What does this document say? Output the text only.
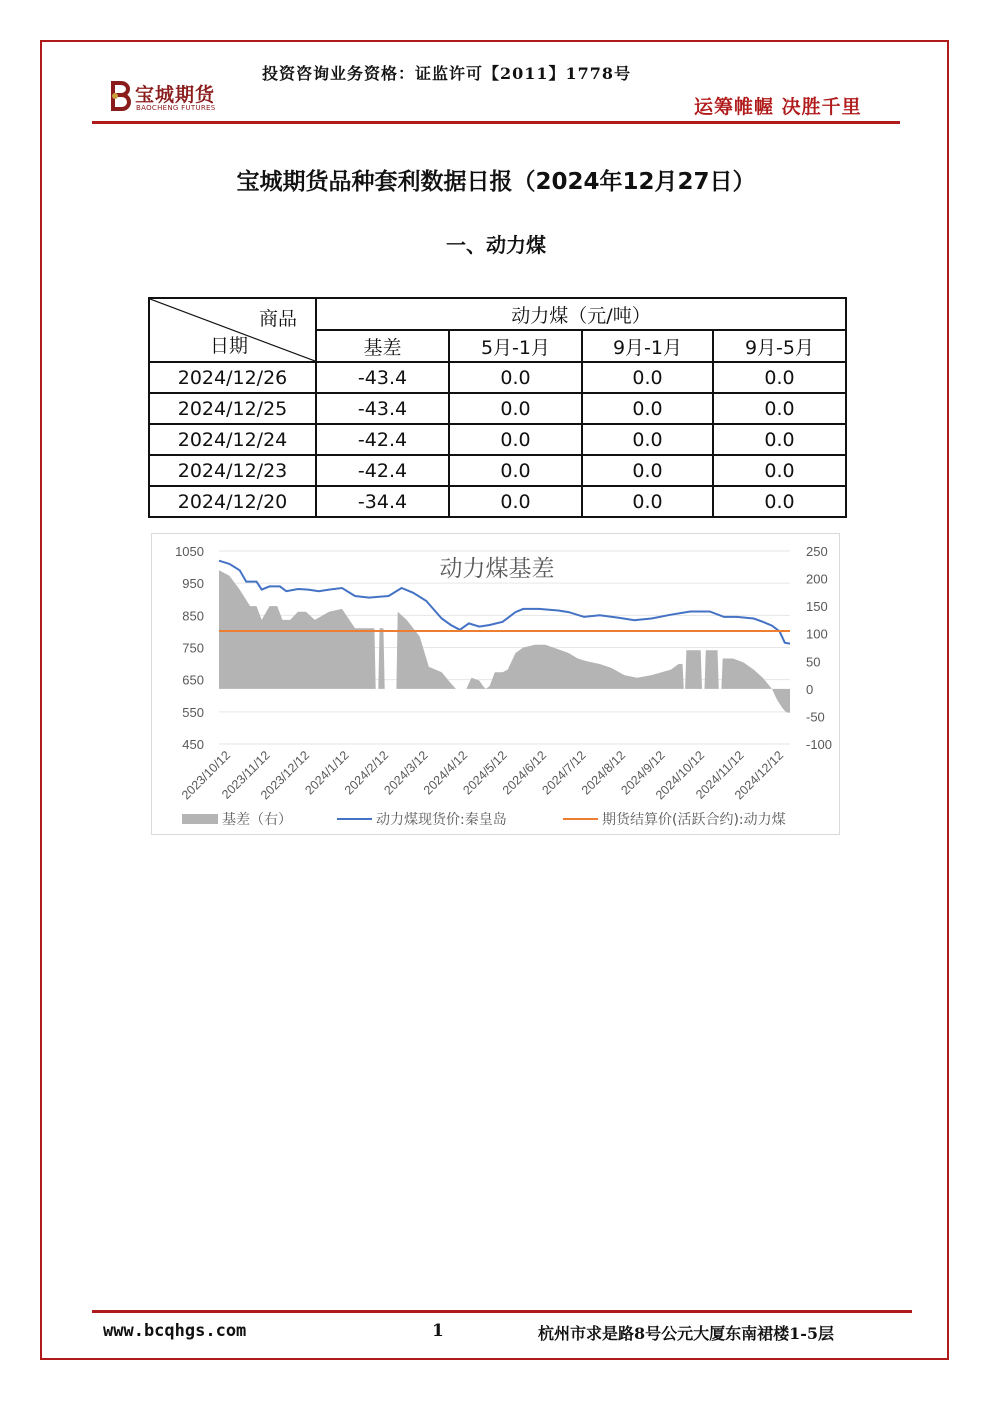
投资咨询业务资格：证监许可【2011】1778号
宝城期货
BAOCHENG FUTURES	运筹帷幄 决胜千里
宝城期货品种套利数据日报（2024年12月27日）
一、动力煤
商品
日期	动力煤（元/吨）			
	基差	5月-1月	9月-1月	9月-5月
2024/12/26	-43.4	0.0	0.0	0.0
2024/12/25	-43.4	0.0	0.0	0.0
2024/12/24	-42.4	0.0	0.0	0.0
2024/12/23	-42.4	0.0	0.0	0.0
2024/12/20	-34.4	0.0	0.0	0.0
1050
950
850
750
650
550
450
250
200
150
100
50
0
-50
-100
动力煤基差
2023/10/12
2023/11/12
2023/12/12
2024/1/12
2024/2/12
2024/3/12
2024/4/12
2024/5/12
2024/6/12
2024/7/12
2024/8/12
2024/9/12
2024/10/12
2024/11/12
2024/12/12
基差（右）	动力煤现货价:秦皇岛	期货结算价(活跃合约):动力煤
www.bcqhgs.com	1	杭州市求是路8号公元大厦东南裙楼1-5层
